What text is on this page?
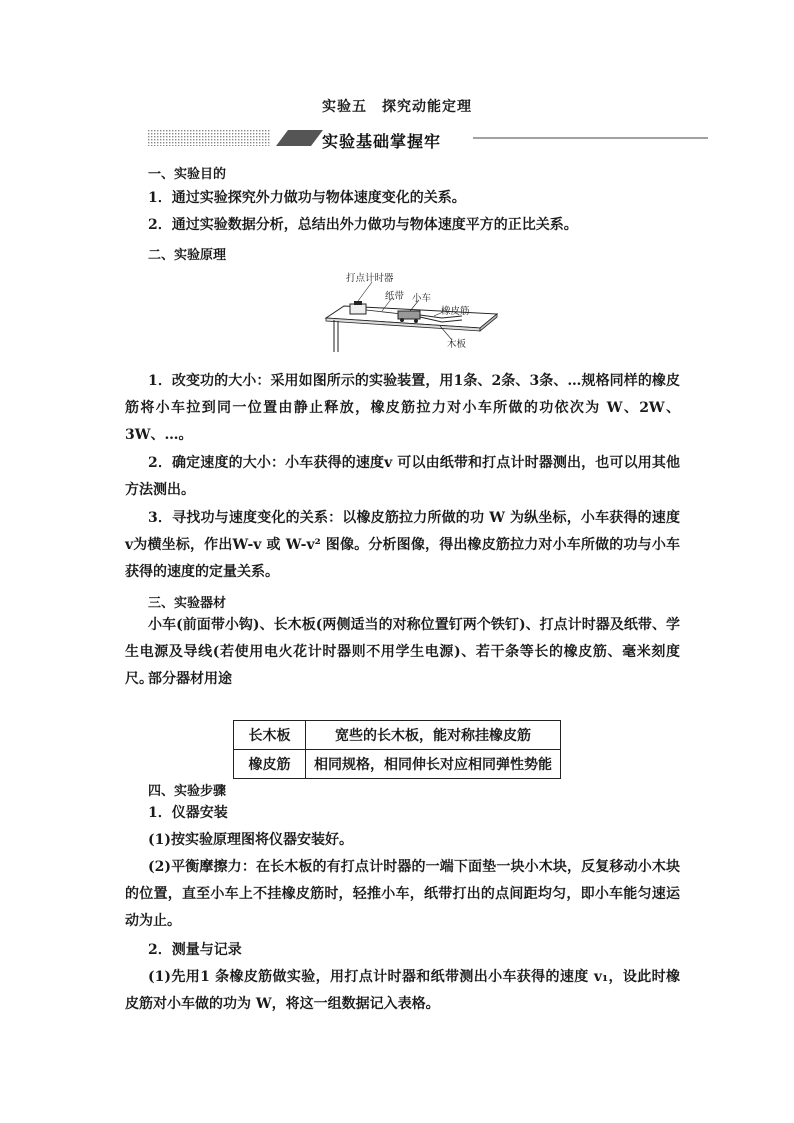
实验五　探究动能定理
实验基础掌握牢
一、实验目的
1．通过实验探究外力做功与物体速度变化的关系。
2．通过实验数据分析，总结出外力做功与物体速度平方的正比关系。
二、实验原理
打点计时器
纸带 小车
橡皮筋
木板
1．改变功的大小：采用如图所示的实验装置，用1条、2条、3条、…规格同样的橡皮筋将小车拉到同一位置由静止释放，橡皮筋拉力对小车所做的功依次为 W、2W、3W、…。
2．确定速度的大小：小车获得的速度v 可以由纸带和打点计时器测出，也可以用其他方法测出。
3．寻找功与速度变化的关系：以橡皮筋拉力所做的功 W 为纵坐标，小车获得的速度v为横坐标，作出W-v 或 W-v² 图像。分析图像，得出橡皮筋拉力对小车所做的功与小车获得的速度的定量关系。
三、实验器材
小车(前面带小钩)、长木板(两侧适当的对称位置钉两个铁钉)、打点计时器及纸带、学生电源及导线(若使用电火花计时器则不用学生电源)、若干条等长的橡皮筋、毫米刻度尺。
部分器材用途
长木板	宽些的长木板，能对称挂橡皮筋
橡皮筋	相同规格，相同伸长对应相同弹性势能
四、实验步骤
1．仪器安装
(1)按实验原理图将仪器安装好。
(2)平衡摩擦力：在长木板的有打点计时器的一端下面垫一块小木块，反复移动小木块的位置，直至小车上不挂橡皮筋时，轻推小车，纸带打出的点间距均匀，即小车能匀速运动为止。
2．测量与记录
(1)先用1 条橡皮筋做实验，用打点计时器和纸带测出小车获得的速度 v₁，设此时橡皮筋对小车做的功为 W，将这一组数据记入表格。
